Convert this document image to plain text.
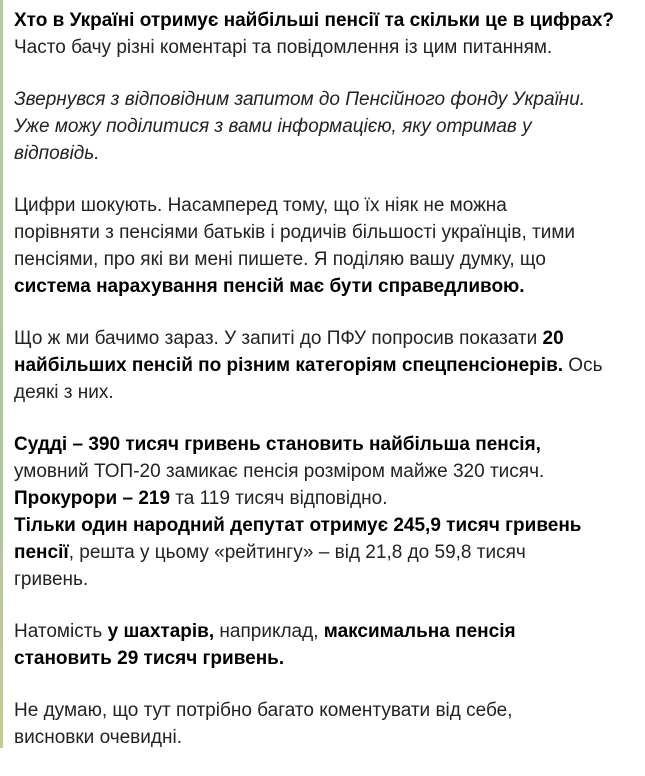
Хто в Україні отримує найбільші пенсії та скільки це в цифрах?
Часто бачу різні коментарі та повідомлення із цим питанням.
Звернувся з відповідним запитом до Пенсійного фонду України.
Уже можу поділитися з вами інформацією, яку отримав у
відповідь.
Цифри шокують. Насамперед тому, що їх ніяк не можна
порівняти з пенсіями батьків і родичів більшості українців, тими
пенсіями, про які ви мені пишете. Я поділяю вашу думку, що
система нарахування пенсій має бути справедливою.
Що ж ми бачимо зараз. У запиті до ПФУ попросив показати 20
найбільших пенсій по різним категоріям спецпенсіонерів. Ось
деякі з них.
Судді – 390 тисяч гривень становить найбільша пенсія,
умовний ТОП-20 замикає пенсія розміром майже 320 тисяч.
Прокурори – 219 та 119 тисяч відповідно.
Тільки один народний депутат отримує 245,9 тисяч гривень
пенсії, решта у цьому «рейтингу» – від 21,8 до 59,8 тисяч
гривень.
Натомість у шахтарів, наприклад, максимальна пенсія
становить 29 тисяч гривень.
Не думаю, що тут потрібно багато коментувати від себе,
висновки очевидні.
